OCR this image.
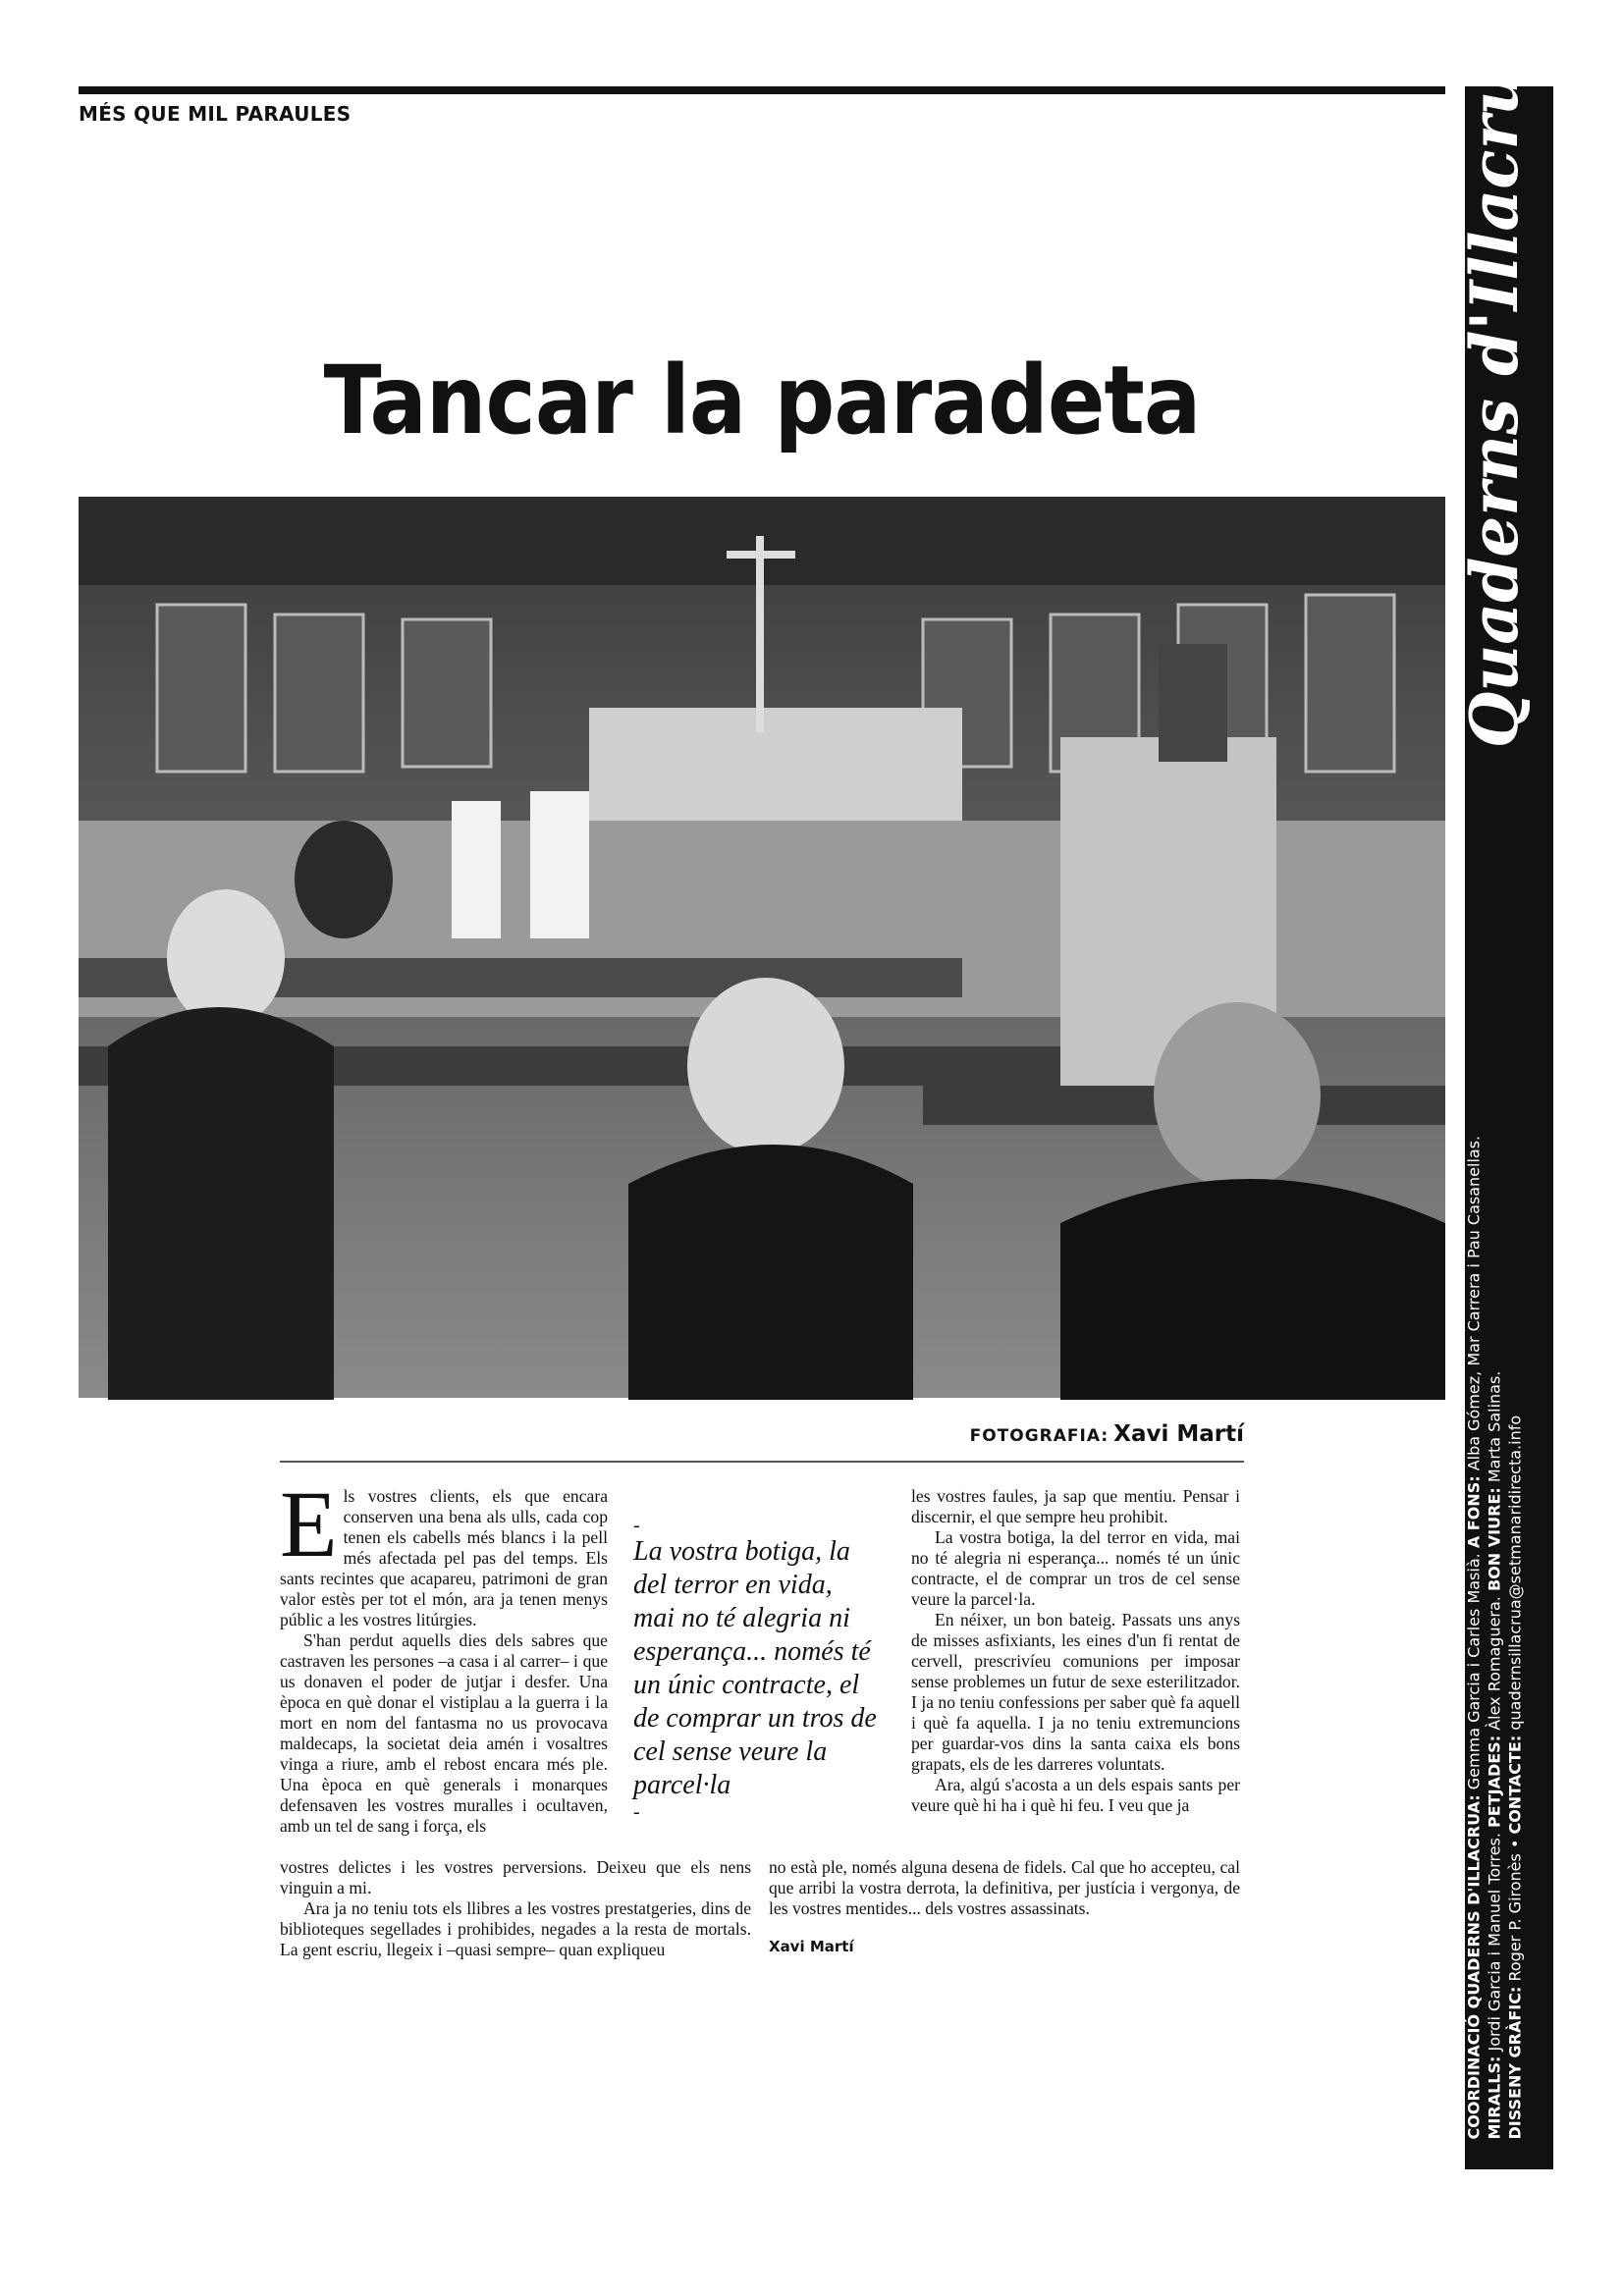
MÉS QUE MIL PARAULES	Quaderns d'Illacrua
COORDINACIÓ QUADERNS D'ILLACRUA: Gemma Garcia i Carles Masià. A FONS: Alba Gómez, Mar Carrera i Pau Casanellas.
MIRALLS: Jordi Garcia i Manuel Torres. PETJADES: Àlex Romaguera. BON VIURE: Marta Salinas.
DISSENY GRÀFIC: Roger P. Gironès • CONTACTE: quadernsillacrua@setmanaridirecta.info
Tancar la paradeta
FOTOGRAFIA: Xavi Martí

Els vostres clients, els que encara conserven una bena als ulls, cada cop tenen els cabells més blancs i la pell més afectada pel pas del temps. Els sants recintes que acapareu, patrimoni de gran valor estès per tot el món, ara ja tenen menys públic a les vostres litúrgies.

S'han perdut aquells dies dels sabres que castraven les persones –a casa i al carrer– i que us donaven el poder de jutjar i desfer. Una època en què donar el vistiplau a la guerra i la mort en nom del fantasma no us provocava maldecaps, la societat deia amén i vosaltres vinga a riure, amb el rebost encara més ple. Una època en què generals i monarques defensaven les vostres muralles i ocultaven, amb un tel de sang i força, els

vostres delictes i les vostres perversions. Deixeu que els nens vinguin a mi.

Ara ja no teniu tots els llibres a les vostres prestatgeries, dins de biblioteques segellades i prohibides, negades a la resta de mortals. La gent escriu, llegeix i –quasi sempre– quan expliqueu

-
La vostra botiga, la del terror en vida, mai no té alegria ni esperança... només té un únic contracte, el de comprar un tros de cel sense veure la parcel·la
-

les vostres faules, ja sap que mentiu. Pensar i discernir, el que sempre heu prohibit.

La vostra botiga, la del terror en vida, mai no té alegria ni esperança... només té un únic contracte, el de comprar un tros de cel sense veure la parcel·la.

En néixer, un bon bateig. Passats uns anys de misses asfixiants, les eines d'un fi rentat de cervell, prescrivíeu comunions per imposar sense problemes un futur de sexe esterilitzador. I ja no teniu confessions per saber què fa aquell i què fa aquella. I ja no teniu extremuncions per guardar-vos dins la santa caixa els bons grapats, els de les darreres voluntats.

Ara, algú s'acosta a un dels espais sants per veure què hi ha i què hi feu. I veu que ja

no està ple, només alguna desena de fidels. Cal que ho accepteu, cal que arribi la vostra derrota, la definitiva, per justícia i vergonya, de les vostres mentides... dels vostres assassinats.

Xavi Martí
